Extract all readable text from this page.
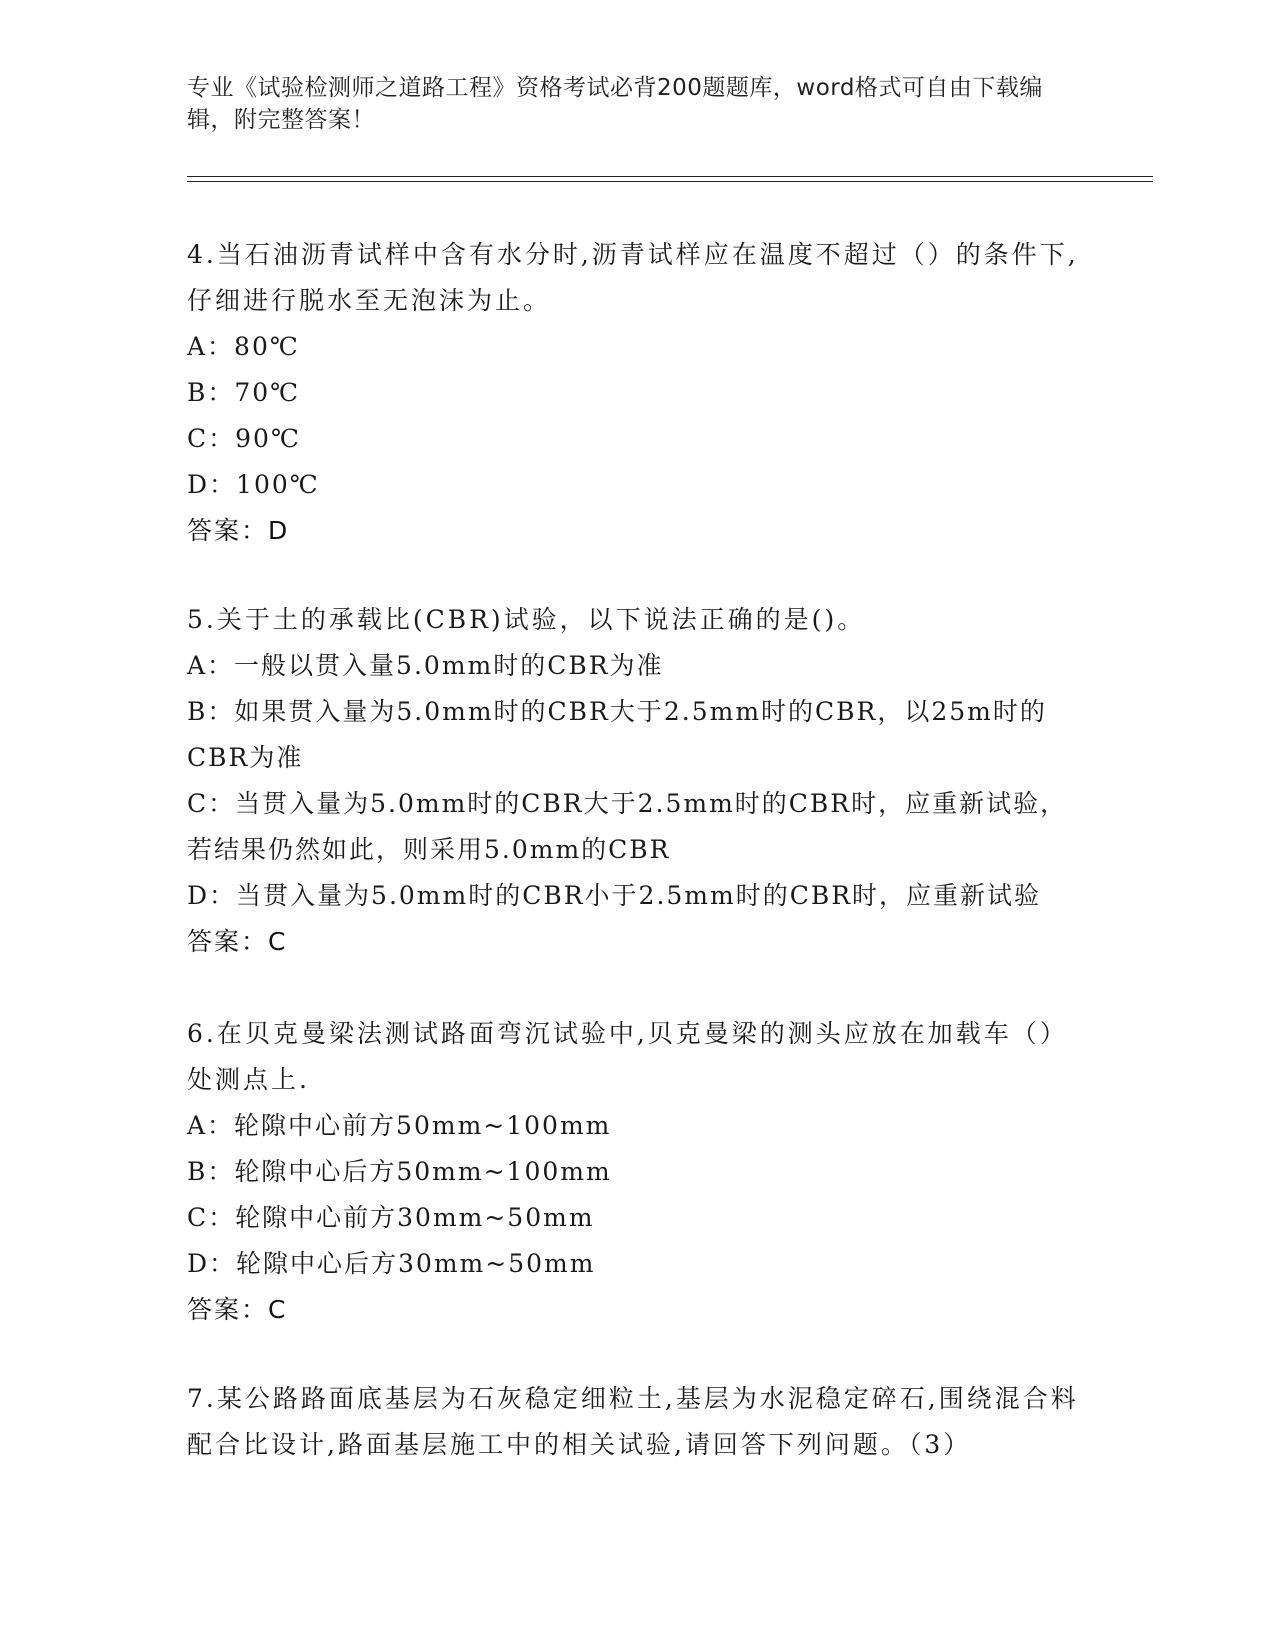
专业《试验检测师之道路工程》资格考试必背200题题库，word格式可自由下载编辑，附完整答案！
4.当石油沥青试样中含有水分时,沥青试样应在温度不超过（）的条件下,仔细进行脱水至无泡沫为止。
A：80℃
B：70℃
C：90℃
D：100℃
答案：D
5.关于土的承载比(CBR)试验，以下说法正确的是()。
A：一般以贯入量5.0mm时的CBR为准
B：如果贯入量为5.0mm时的CBR大于2.5mm时的CBR，以25m时的CBR为准
C：当贯入量为5.0mm时的CBR大于2.5mm时的CBR时，应重新试验，若结果仍然如此，则采用5.0mm的CBR
D：当贯入量为5.0mm时的CBR小于2.5mm时的CBR时，应重新试验
答案：C
6.在贝克曼梁法测试路面弯沉试验中,贝克曼梁的测头应放在加载车（）处测点上.
A：轮隙中心前方50mm~100mm
B：轮隙中心后方50mm~100mm
C：轮隙中心前方30mm~50mm
D：轮隙中心后方30mm~50mm
答案：C
7.某公路路面底基层为石灰稳定细粒土,基层为水泥稳定碎石,围绕混合料配合比设计,路面基层施工中的相关试验,请回答下列问题。（3）
